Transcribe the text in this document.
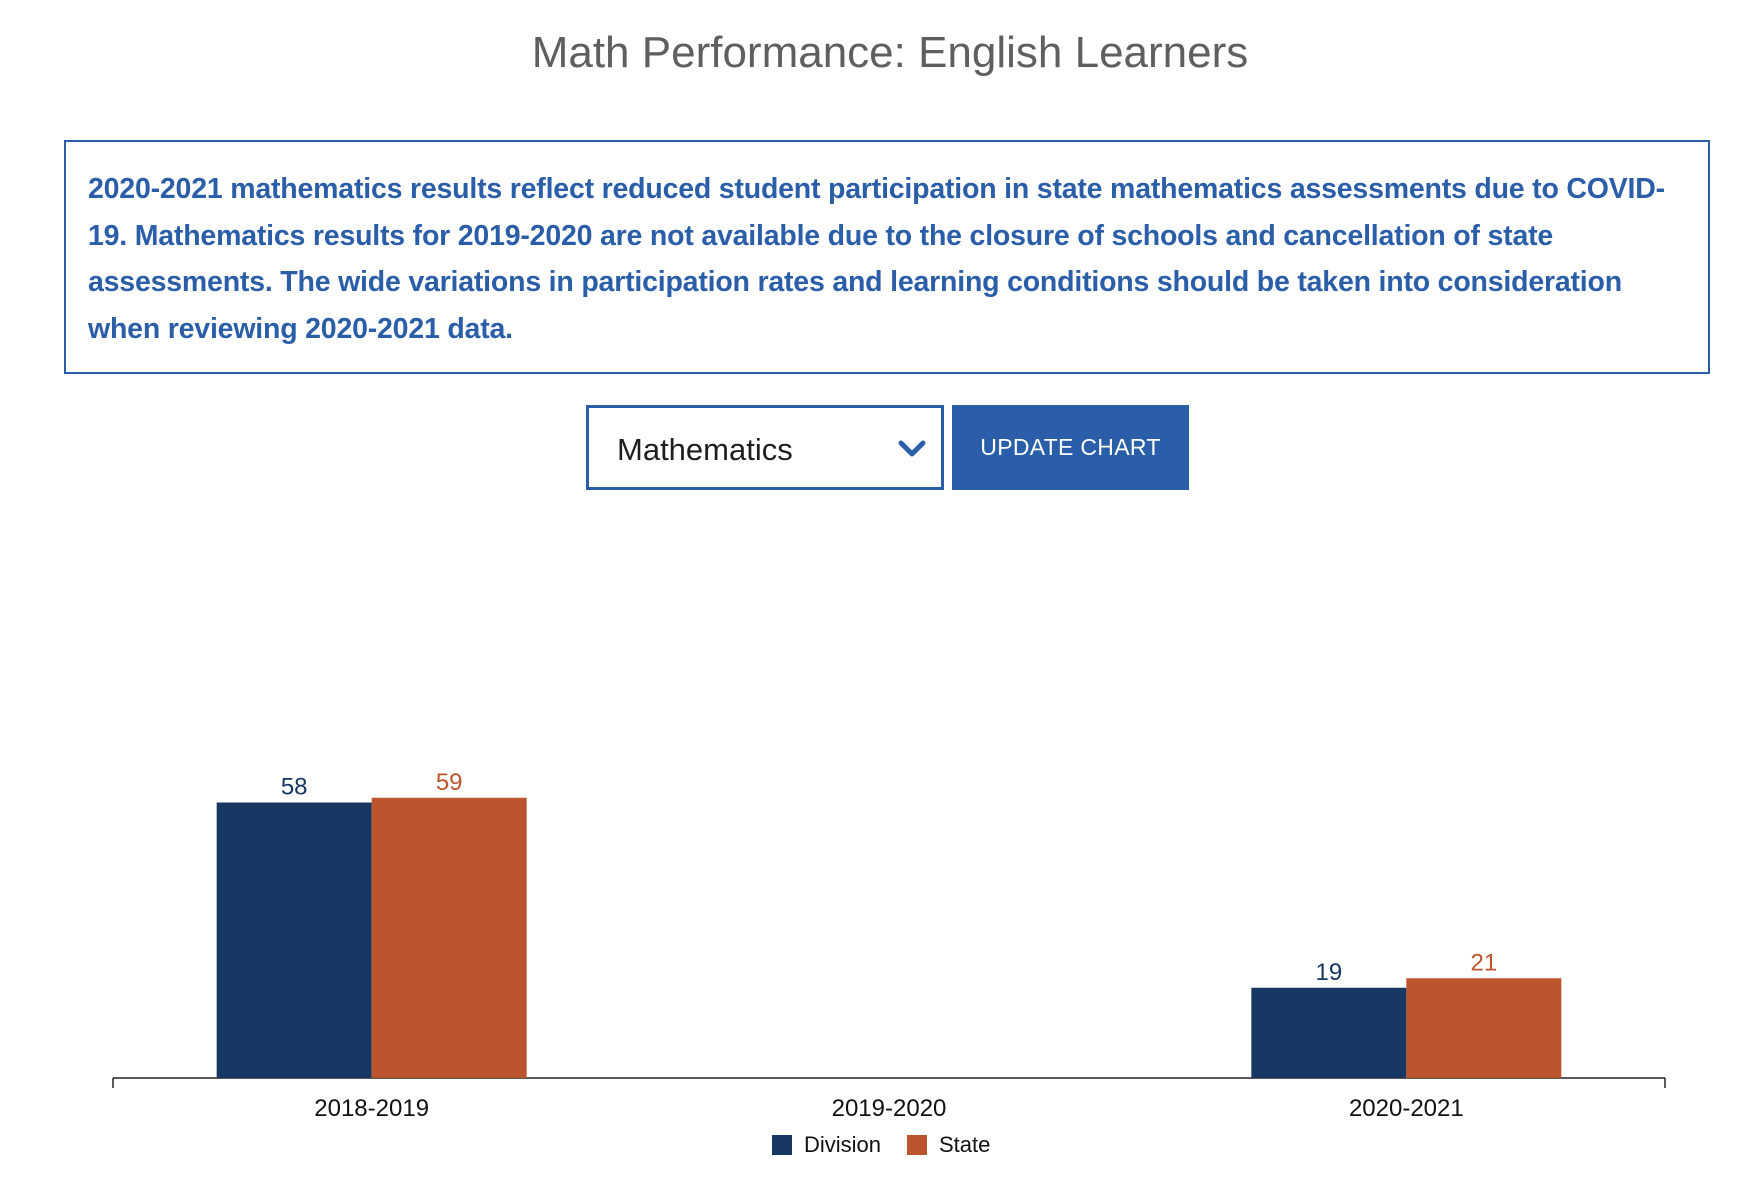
Math Performance: English Learners

2020-2021 mathematics results reflect reduced student participation in state mathematics assessments due to COVID-19. Mathematics results for 2019-2020 are not available due to the closure of schools and cancellation of state assessments. The wide variations in participation rates and learning conditions should be taken into consideration when reviewing 2020-2021 data.

Mathematics	UPDATE CHART
2018-2019
58	59
2019-2020	2020-2021
19	21
Division	State
